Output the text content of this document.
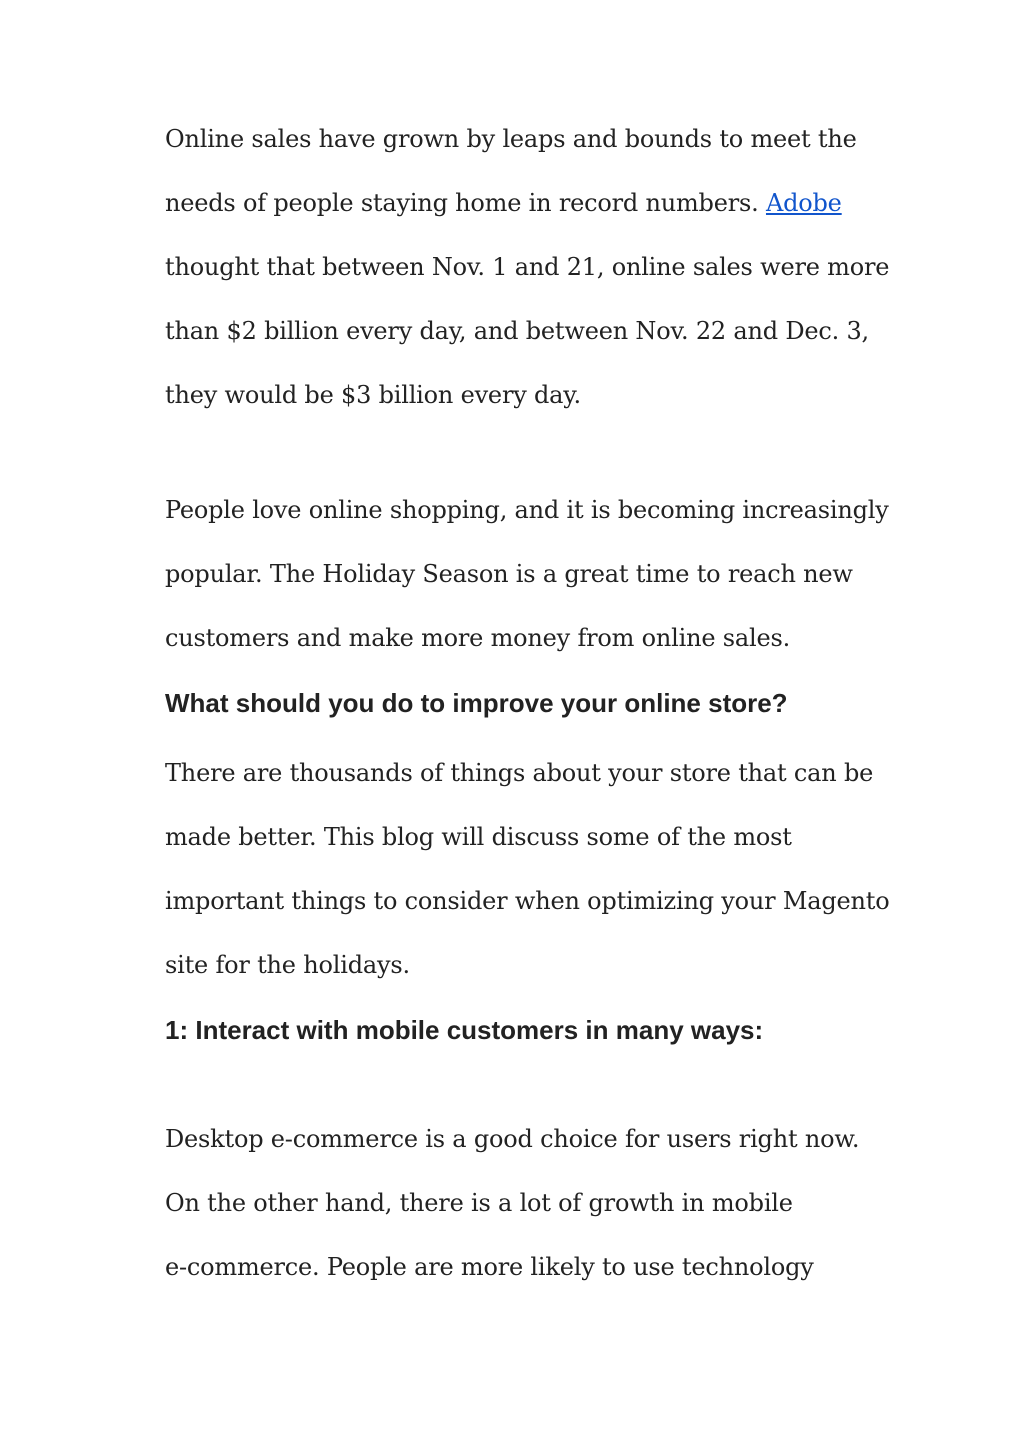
Online sales have grown by leaps and bounds to meet the
needs of people staying home in record numbers. Adobe
thought that between Nov. 1 and 21, online sales were more
than $2 billion every day, and between Nov. 22 and Dec. 3,
they would be $3 billion every day.
People love online shopping, and it is becoming increasingly
popular. The Holiday Season is a great time to reach new
customers and make more money from online sales.
What should you do to improve your online store?
There are thousands of things about your store that can be
made better. This blog will discuss some of the most
important things to consider when optimizing your Magento
site for the holidays.
1: Interact with mobile customers in many ways:
Desktop e-commerce is a good choice for users right now.
On the other hand, there is a lot of growth in mobile
e-commerce. People are more likely to use technology
